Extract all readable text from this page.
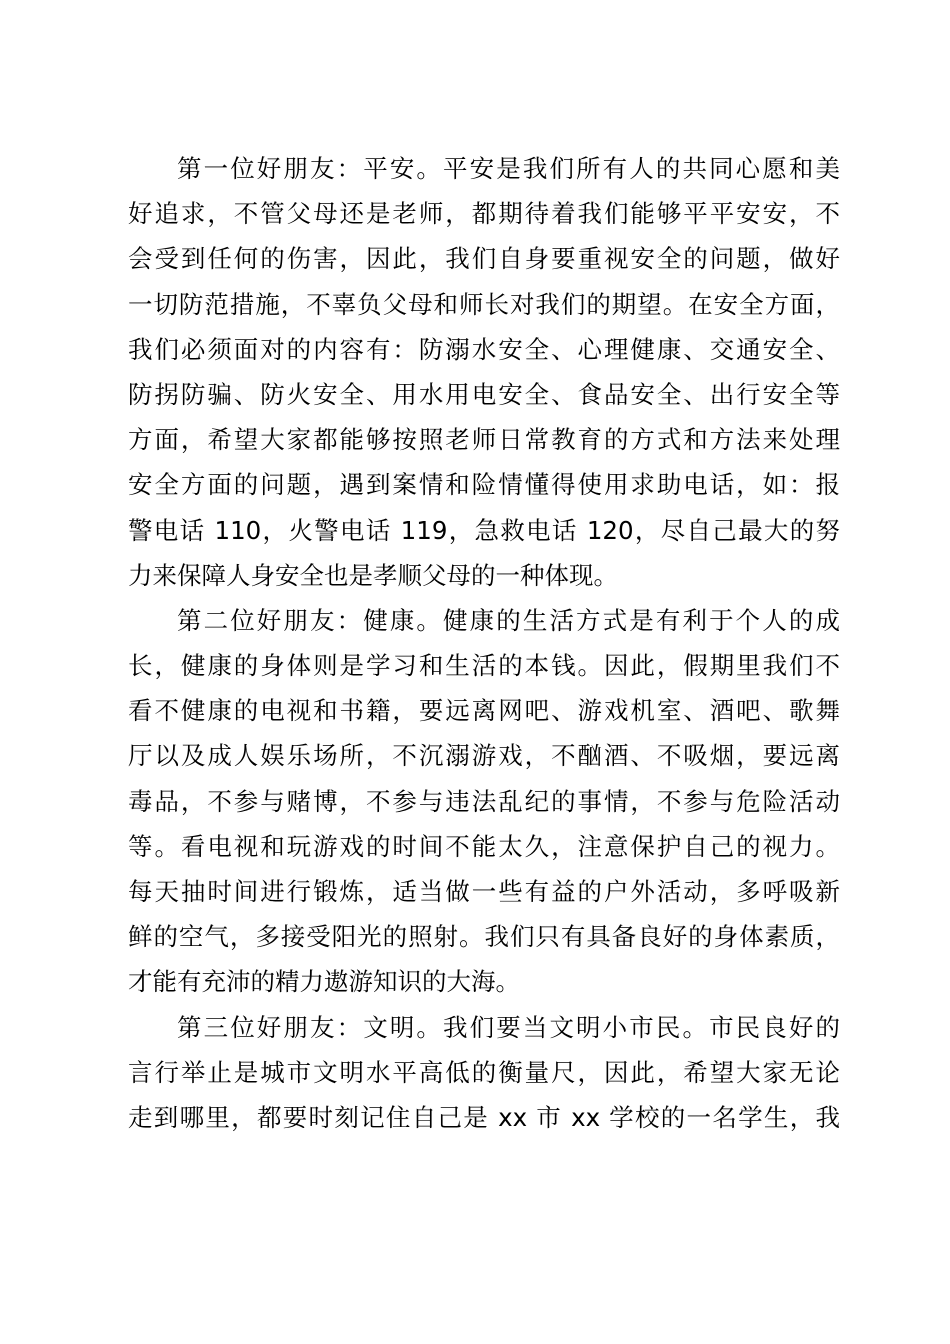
第一位好朋友：平安。平安是我们所有人的共同心愿和美
好追求，不管父母还是老师，都期待着我们能够平平安安，不
会受到任何的伤害，因此，我们自身要重视安全的问题，做好
一切防范措施，不辜负父母和师长对我们的期望。在安全方面，
我们必须面对的内容有：防溺水安全、心理健康、交通安全、
防拐防骗、防火安全、用水用电安全、食品安全、出行安全等
方面，希望大家都能够按照老师日常教育的方式和方法来处理
安全方面的问题，遇到案情和险情懂得使用求助电话，如：报
警电话 110，火警电话 119，急救电话 120，尽自己最大的努
力来保障人身安全也是孝顺父母的一种体现。
第二位好朋友：健康。健康的生活方式是有利于个人的成
长，健康的身体则是学习和生活的本钱。因此，假期里我们不
看不健康的电视和书籍，要远离网吧、游戏机室、酒吧、歌舞
厅以及成人娱乐场所，不沉溺游戏，不酗酒、不吸烟，要远离
毒品，不参与赌博，不参与违法乱纪的事情，不参与危险活动
等。看电视和玩游戏的时间不能太久，注意保护自己的视力。
每天抽时间进行锻炼，适当做一些有益的户外活动，多呼吸新
鲜的空气，多接受阳光的照射。我们只有具备良好的身体素质，
才能有充沛的精力遨游知识的大海。
第三位好朋友：文明。我们要当文明小市民。市民良好的
言行举止是城市文明水平高低的衡量尺，因此，希望大家无论
走到哪里，都要时刻记住自己是 xx 市 xx 学校的一名学生，我
